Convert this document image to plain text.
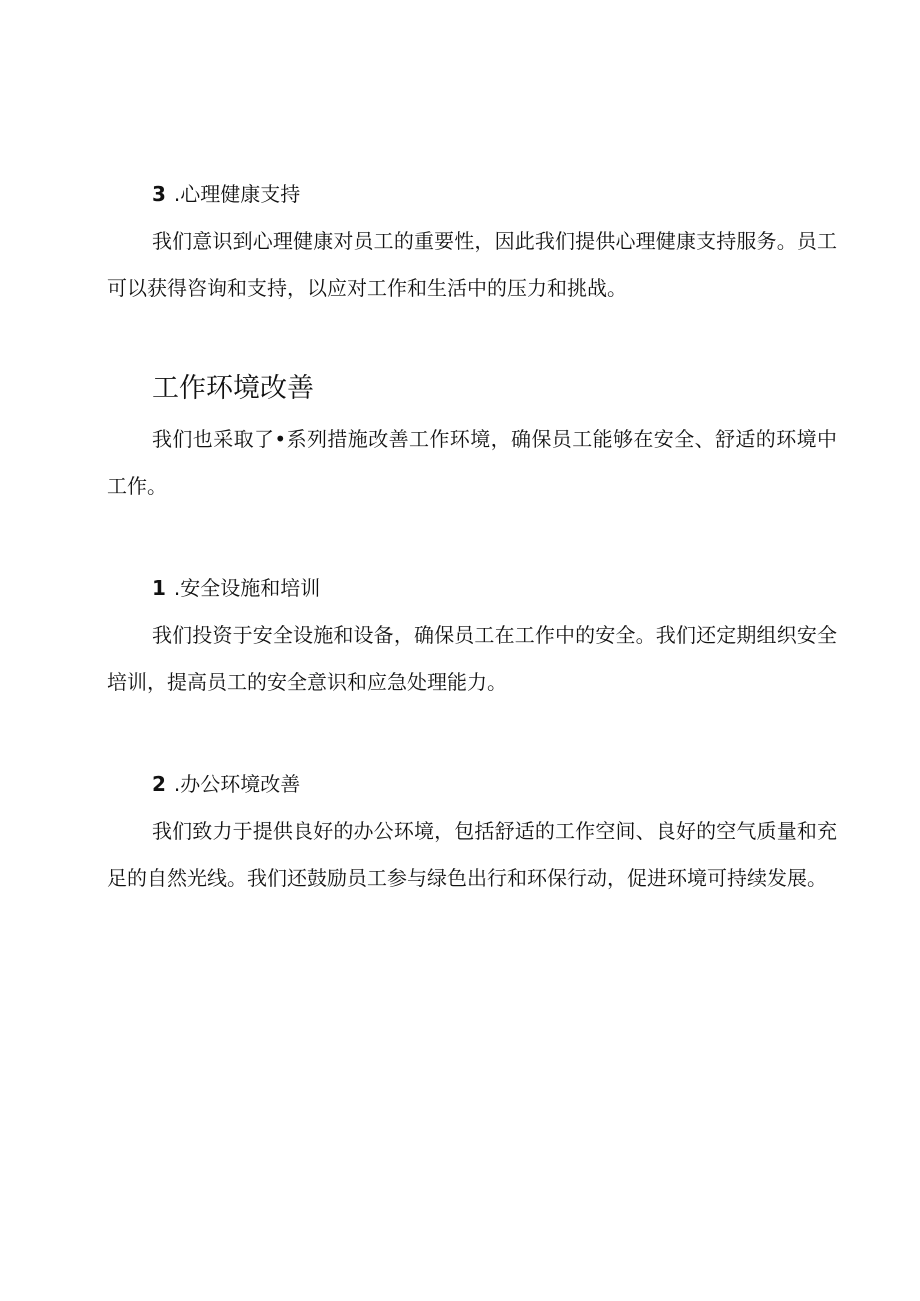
3 .心理健康支持

我们意识到心理健康对员工的重要性，因此我们提供心理健康支持服务。员工可以获得咨询和支持，以应对工作和生活中的压力和挑战。

工作环境改善

我们也采取了•系列措施改善工作环境，确保员工能够在安全、舒适的环境中工作。

1 .安全设施和培训

我们投资于安全设施和设备，确保员工在工作中的安全。我们还定期组织安全培训，提高员工的安全意识和应急处理能力。

2 .办公环境改善

我们致力于提供良好的办公环境，包括舒适的工作空间、良好的空气质量和充足的自然光线。我们还鼓励员工参与绿色出行和环保行动，促进环境可持续发展。
